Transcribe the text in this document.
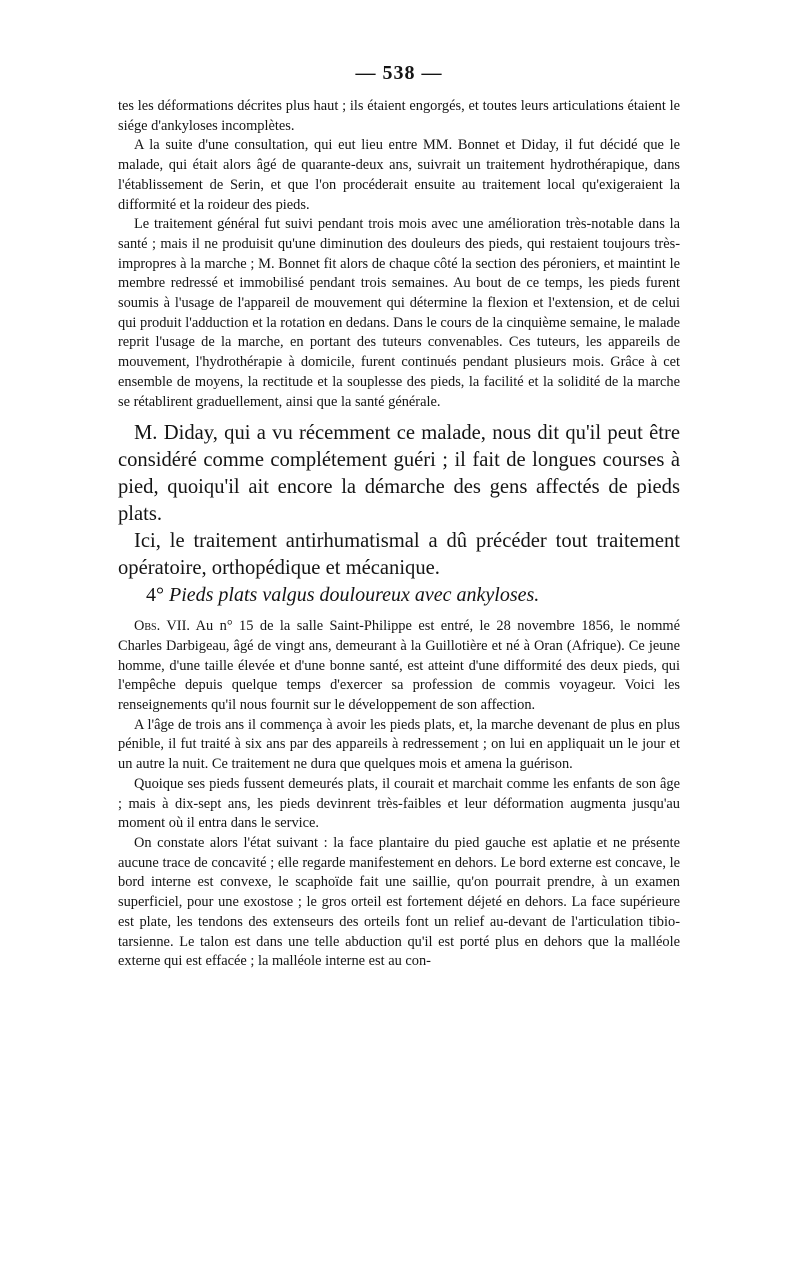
— 538 —

tes les déformations décrites plus haut ; ils étaient engorgés, et toutes leurs articulations étaient le siége d'ankyloses incomplètes.

A la suite d'une consultation, qui eut lieu entre MM. Bonnet et Diday, il fut décidé que le malade, qui était alors âgé de quarante-deux ans, suivrait un traitement hydrothérapique, dans l'établissement de Serin, et que l'on procéderait ensuite au traitement local qu'exigeraient la difformité et la roideur des pieds.

Le traitement général fut suivi pendant trois mois avec une amélioration très-notable dans la santé ; mais il ne produisit qu'une diminution des douleurs des pieds, qui restaient toujours très-impropres à la marche ; M. Bonnet fit alors de chaque côté la section des péroniers, et maintint le membre redressé et immobilisé pendant trois semaines. Au bout de ce temps, les pieds furent soumis à l'usage de l'appareil de mouvement qui détermine la flexion et l'extension, et de celui qui produit l'adduction et la rotation en dedans. Dans le cours de la cinquième semaine, le malade reprit l'usage de la marche, en portant des tuteurs convenables. Ces tuteurs, les appareils de mouvement, l'hydrothérapie à domicile, furent continués pendant plusieurs mois. Grâce à cet ensemble de moyens, la rectitude et la souplesse des pieds, la facilité et la solidité de la marche se rétablirent graduellement, ainsi que la santé générale.

M. Diday, qui a vu récemment ce malade, nous dit qu'il peut être considéré comme complétement guéri ; il fait de longues courses à pied, quoiqu'il ait encore la démarche des gens affectés de pieds plats.

Ici, le traitement antirhumatismal a dû précéder tout traitement opératoire, orthopédique et mécanique.

4° Pieds plats valgus douloureux avec ankyloses.

Obs. VII. Au n° 15 de la salle Saint-Philippe est entré, le 28 novembre 1856, le nommé Charles Darbigeau, âgé de vingt ans, demeurant à la Guillotière et né à Oran (Afrique). Ce jeune homme, d'une taille élevée et d'une bonne santé, est atteint d'une difformité des deux pieds, qui l'empêche depuis quelque temps d'exercer sa profession de commis voyageur. Voici les renseignements qu'il nous fournit sur le développement de son affection.

A l'âge de trois ans il commença à avoir les pieds plats, et, la marche devenant de plus en plus pénible, il fut traité à six ans par des appareils à redressement ; on lui en appliquait un le jour et un autre la nuit. Ce traitement ne dura que quelques mois et amena la guérison.

Quoique ses pieds fussent demeurés plats, il courait et marchait comme les enfants de son âge ; mais à dix-sept ans, les pieds devinrent très-faibles et leur déformation augmenta jusqu'au moment où il entra dans le service.

On constate alors l'état suivant : la face plantaire du pied gauche est aplatie et ne présente aucune trace de concavité ; elle regarde manifestement en dehors. Le bord externe est concave, le bord interne est convexe, le scaphoïde fait une saillie, qu'on pourrait prendre, à un examen superficiel, pour une exostose ; le gros orteil est fortement déjeté en dehors. La face supérieure est plate, les tendons des extenseurs des orteils font un relief au-devant de l'articulation tibio-tarsienne. Le talon est dans une telle abduction qu'il est porté plus en dehors que la malléole externe qui est effacée ; la malléole interne est au con-
